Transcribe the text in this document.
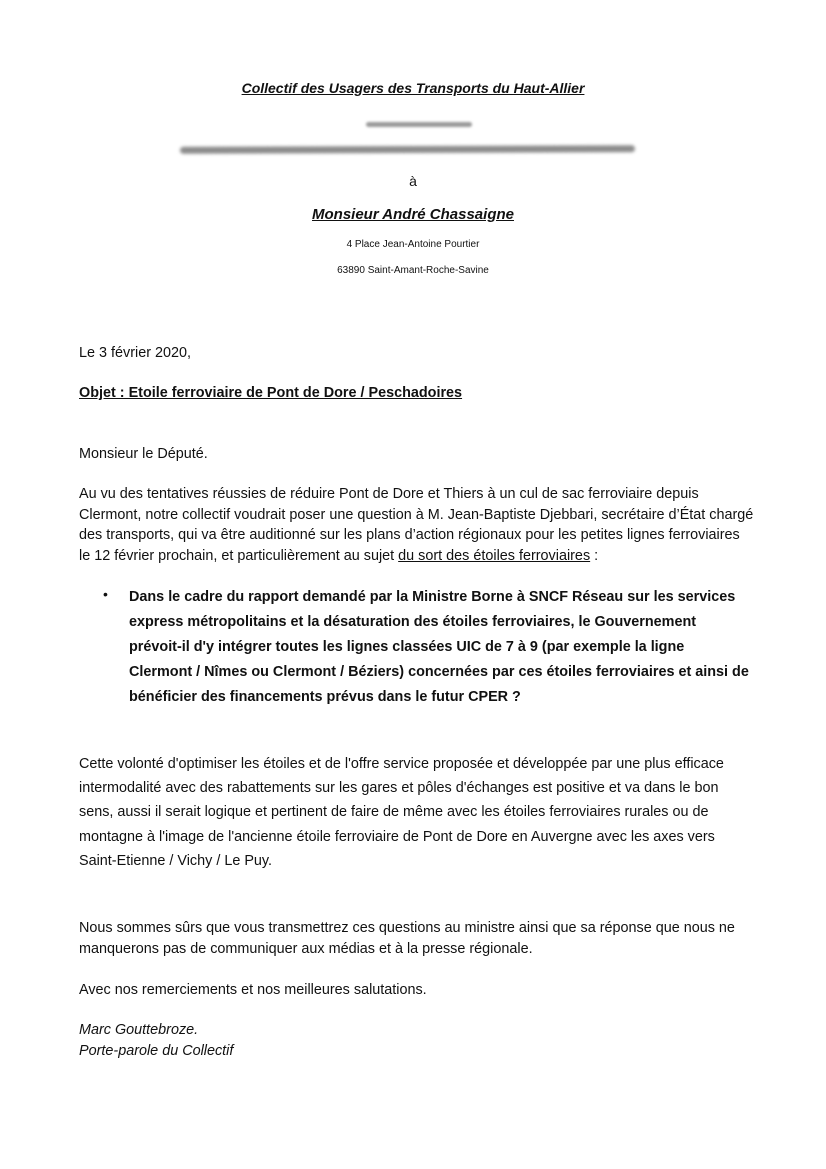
Collectif des Usagers des Transports du Haut-Allier
à
Monsieur André Chassaigne
4 Place Jean-Antoine Pourtier
63890 Saint-Amant-Roche-Savine
Le 3 février 2020,
Objet : Etoile ferroviaire de Pont de Dore / Peschadoires
Monsieur le Député.
Au vu des tentatives réussies de réduire Pont de Dore et Thiers à un cul de sac ferroviaire depuis Clermont, notre collectif voudrait poser une question à M. Jean-Baptiste Djebbari, secrétaire d’État chargé des transports, qui va être auditionné sur les plans d’action régionaux pour les petites lignes ferroviaires le 12 février prochain, et particulièrement au sujet du sort des étoiles ferroviaires :
• Dans le cadre du rapport demandé par la Ministre Borne à SNCF Réseau sur les services express métropolitains et la désaturation des étoiles ferroviaires, le Gouvernement prévoit-il d'y intégrer toutes les lignes classées UIC de 7 à 9 (par exemple la ligne Clermont / Nîmes ou Clermont / Béziers) concernées par ces étoiles ferroviaires et ainsi de bénéficier des financements prévus dans le futur CPER ?
Cette volonté d'optimiser les étoiles et de l'offre service proposée et développée par une plus efficace intermodalité avec des rabattements sur les gares et pôles d'échanges est positive et va dans le bon sens, aussi il serait logique et pertinent de faire de même avec les étoiles ferroviaires rurales ou de montagne à l'image de l'ancienne étoile ferroviaire de Pont de Dore en Auvergne avec les axes vers Saint-Etienne / Vichy / Le Puy.
Nous sommes sûrs que vous transmettrez ces questions au ministre ainsi que sa réponse que nous ne manquerons pas de communiquer aux médias et à la presse régionale.
Avec nos remerciements et nos meilleures salutations.
Marc Gouttebroze.
Porte-parole du Collectif
